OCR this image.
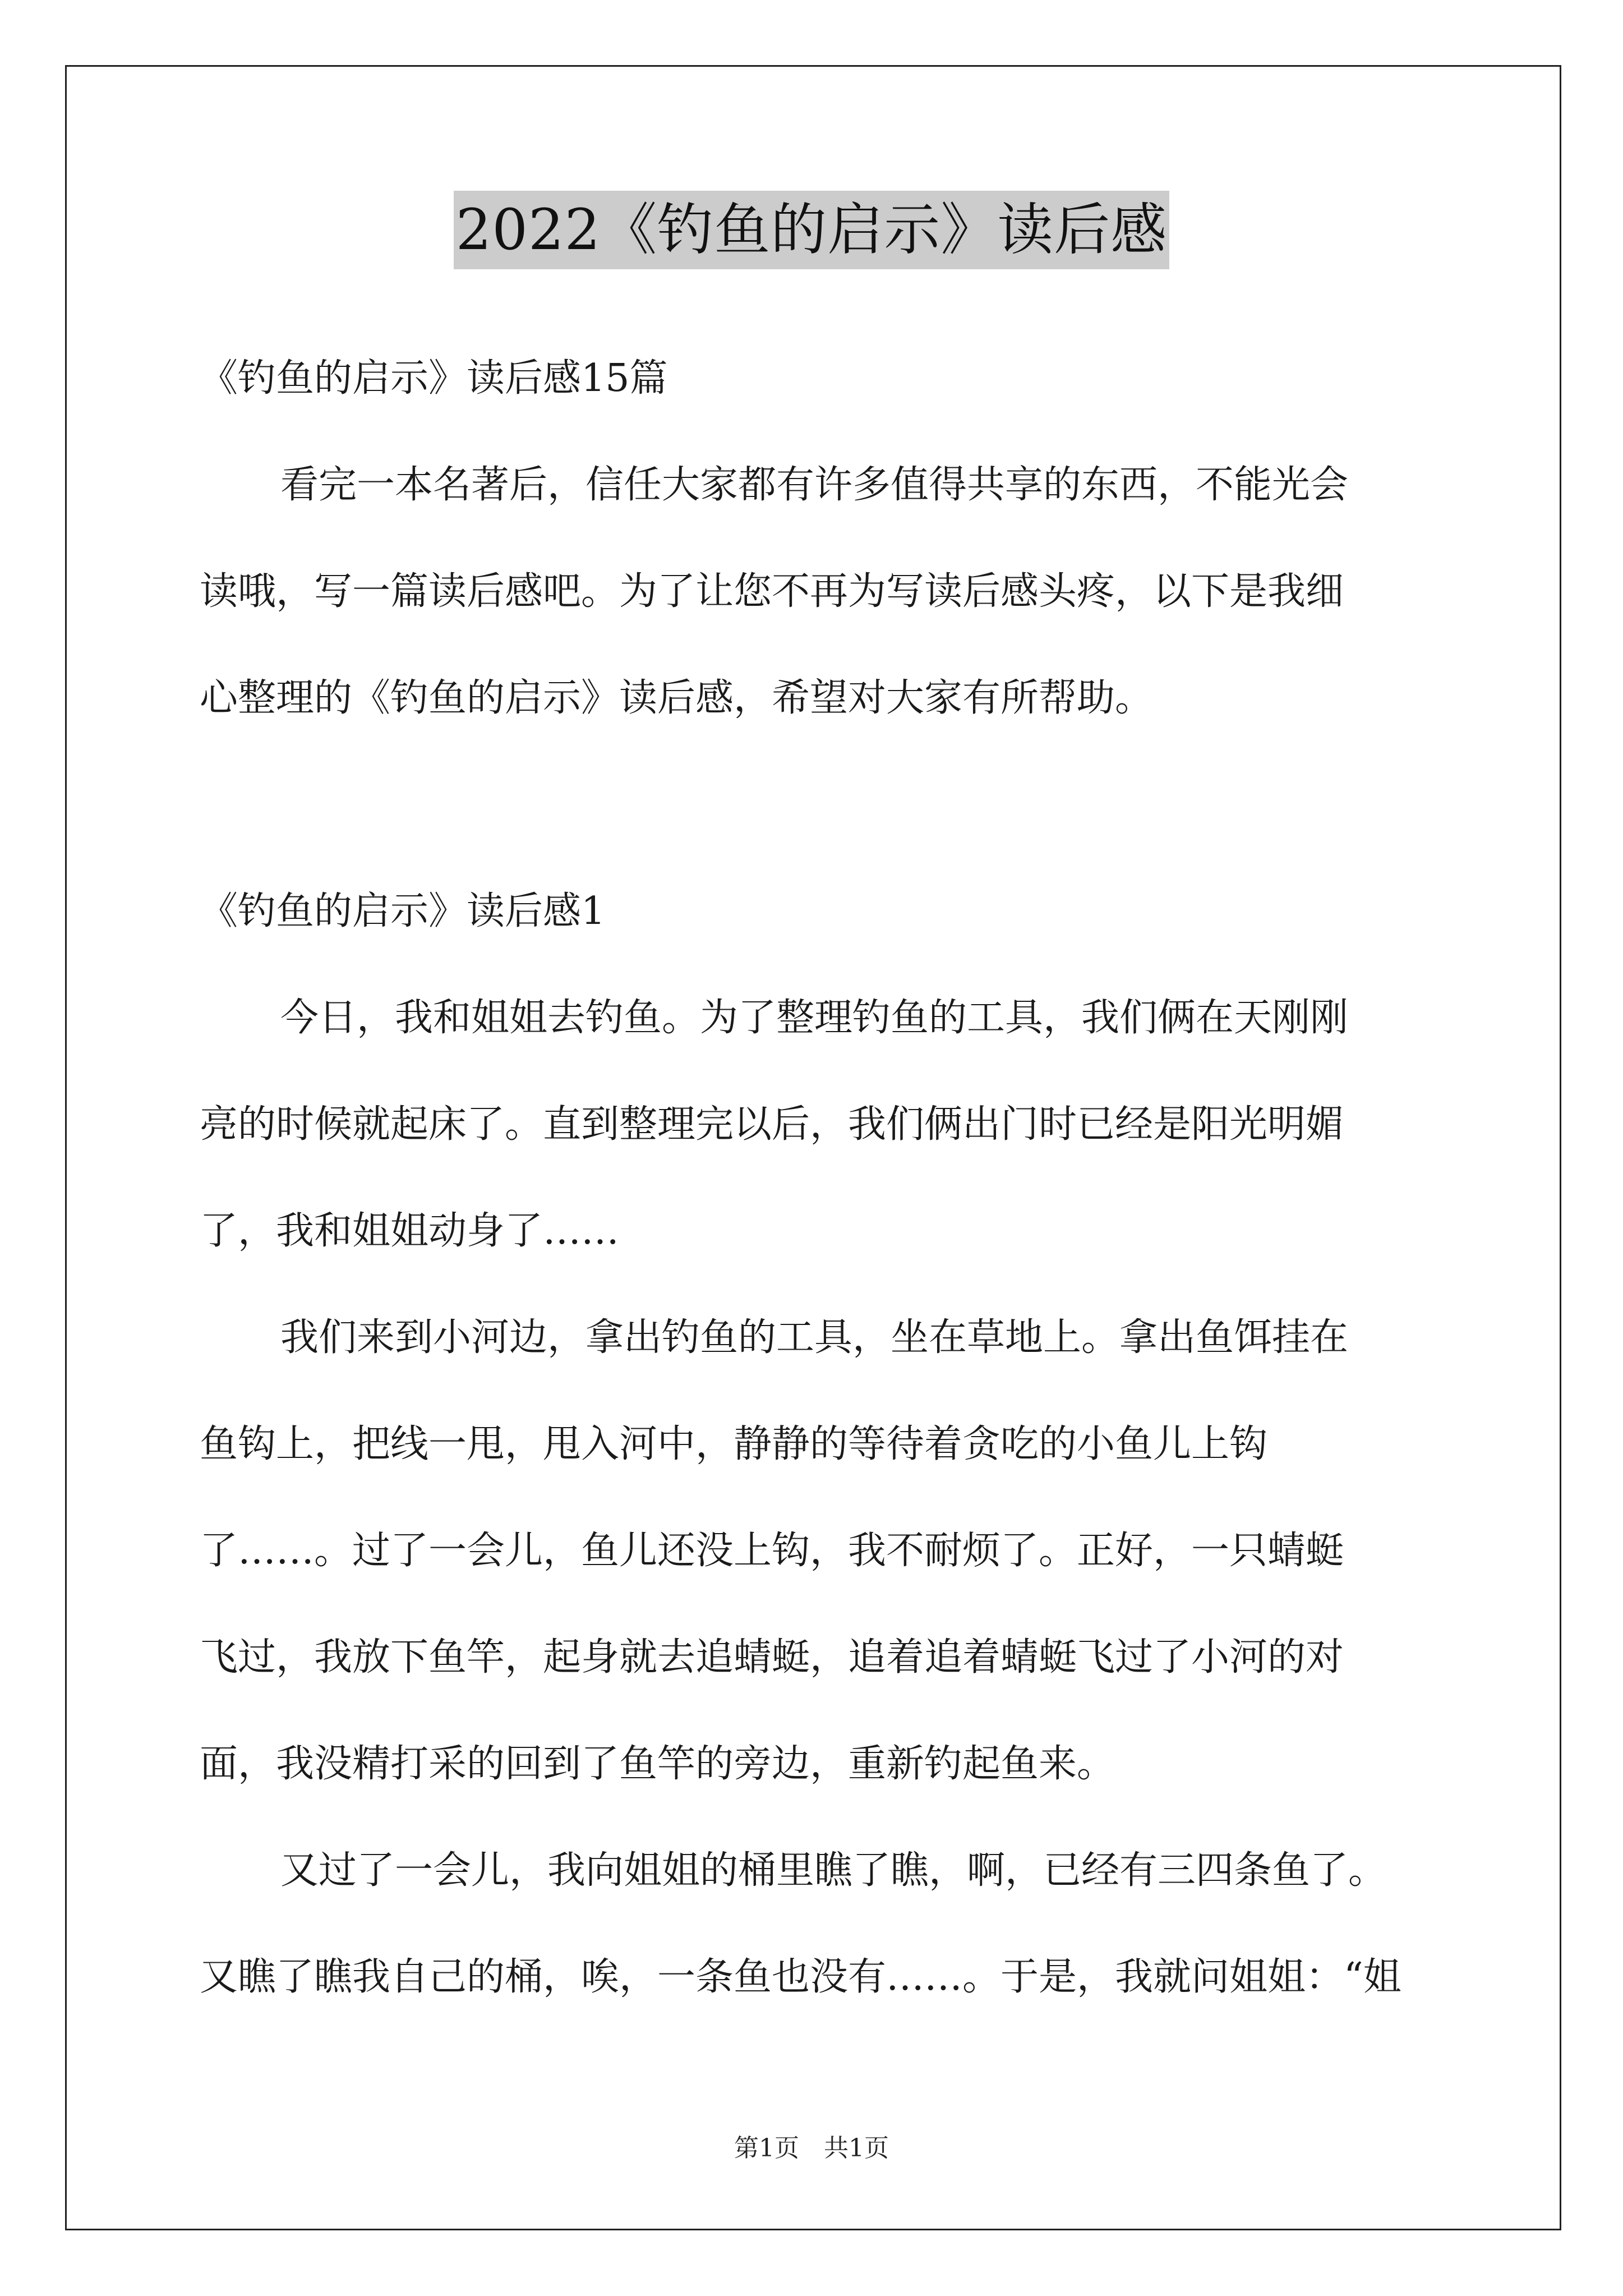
2022《钓鱼的启示》读后感
《钓鱼的启示》读后感15篇
看完一本名著后，信任大家都有许多值得共享的东西，不能光会
读哦，写一篇读后感吧。为了让您不再为写读后感头疼，以下是我细
心整理的《钓鱼的启示》读后感，希望对大家有所帮助。
《钓鱼的启示》读后感1
今日，我和姐姐去钓鱼。为了整理钓鱼的工具，我们俩在天刚刚
亮的时候就起床了。直到整理完以后，我们俩出门时已经是阳光明媚
了，我和姐姐动身了……
我们来到小河边，拿出钓鱼的工具，坐在草地上。拿出鱼饵挂在
鱼钩上，把线一甩，甩入河中，静静的等待着贪吃的小鱼儿上钩
了……。过了一会儿，鱼儿还没上钩，我不耐烦了。正好，一只蜻蜓
飞过，我放下鱼竿，起身就去追蜻蜓，追着追着蜻蜓飞过了小河的对
面，我没精打采的回到了鱼竿的旁边，重新钓起鱼来。
又过了一会儿，我向姐姐的桶里瞧了瞧，啊，已经有三四条鱼了。
又瞧了瞧我自己的桶，唉，一条鱼也没有……。于是，我就问姐姐：“姐
第1页 共1页
